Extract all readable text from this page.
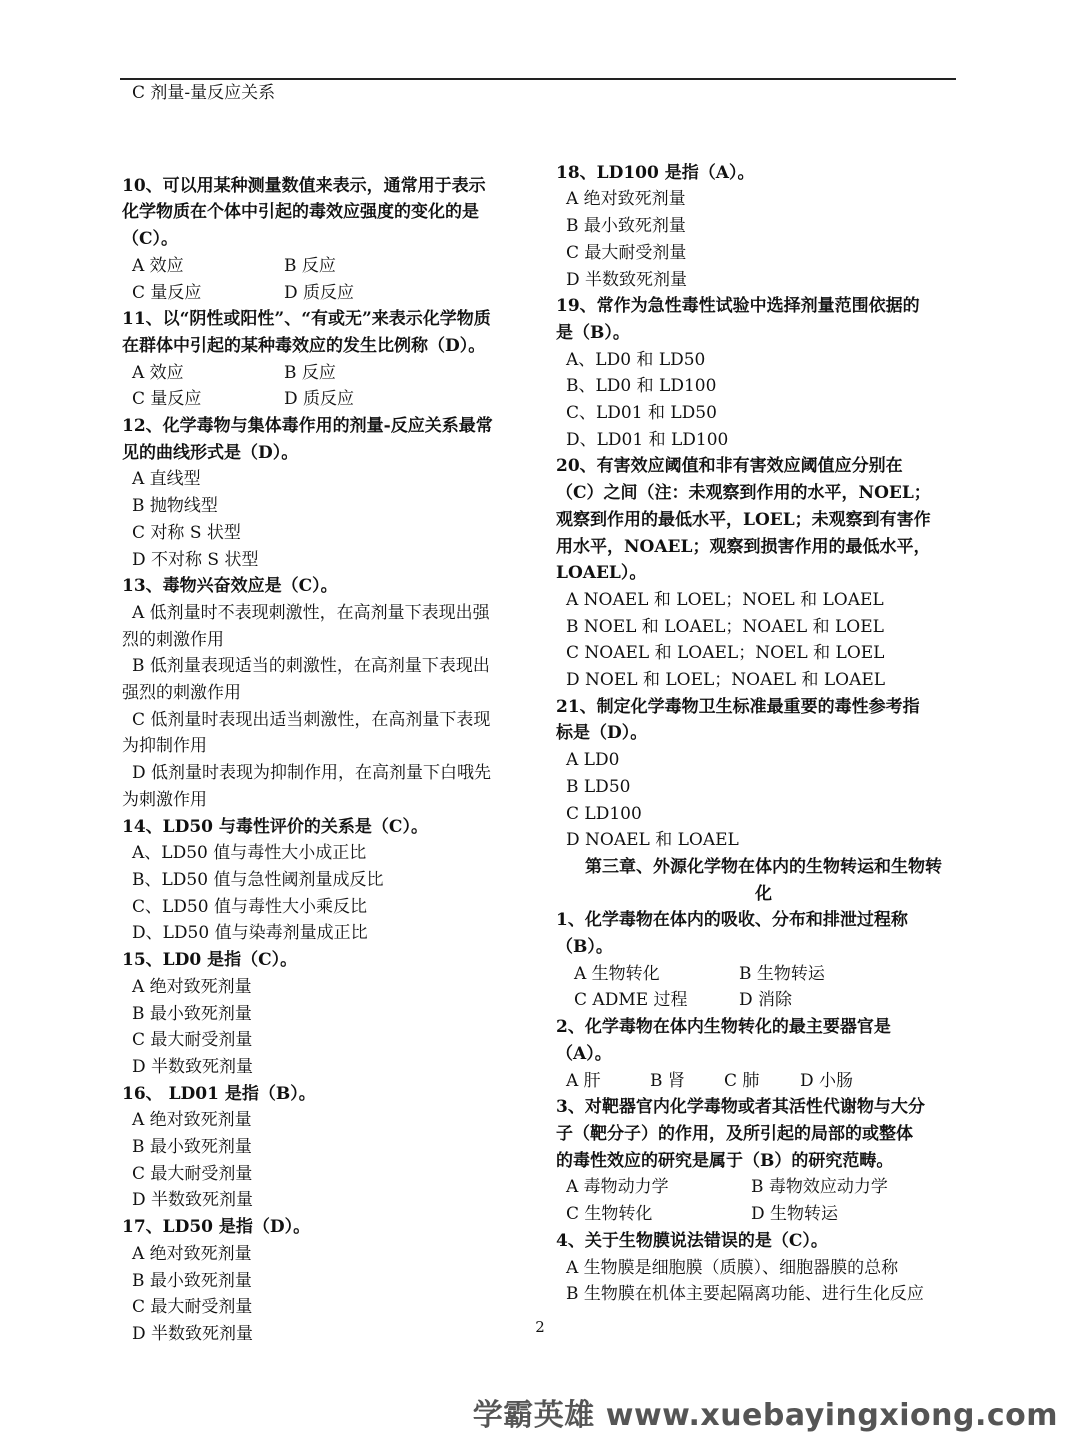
C 剂量-量反应关系
10、可以用某种测量数值来表示，通常用于表示
化学物质在个体中引起的毒效应强度的变化的是
（C）。
A 效应	B 反应
C 量反应	D 质反应
11、以“阴性或阳性”、“有或无”来表示化学物质
在群体中引起的某种毒效应的发生比例称（D）。
A 效应	B 反应
C 量反应	D 质反应
12、化学毒物与集体毒作用的剂量-反应关系最常
见的曲线形式是（D）。
A 直线型
B 抛物线型
C 对称 S 状型
D 不对称 S 状型
13、毒物兴奋效应是（C）。
A 低剂量时不表现刺激性，在高剂量下表现出强
烈的刺激作用
B 低剂量表现适当的刺激性，在高剂量下表现出
强烈的刺激作用
C 低剂量时表现出适当刺激性，在高剂量下表现
为抑制作用
D 低剂量时表现为抑制作用，在高剂量下白哦先
为刺激作用
14、LD50 与毒性评价的关系是（C）。
A、LD50 值与毒性大小成正比
B、LD50 值与急性阈剂量成反比
C、LD50 值与毒性大小乘反比
D、LD50 值与染毒剂量成正比
15、LD0 是指（C）。
A 绝对致死剂量
B 最小致死剂量
C 最大耐受剂量
D 半数致死剂量
16、 LD01 是指（B）。
A 绝对致死剂量
B 最小致死剂量
C 最大耐受剂量
D 半数致死剂量
17、LD50 是指（D）。
A 绝对致死剂量
B 最小致死剂量
C 最大耐受剂量
D 半数致死剂量
18、LD100 是指（A）。
A 绝对致死剂量
B 最小致死剂量
C 最大耐受剂量
D 半数致死剂量
19、常作为急性毒性试验中选择剂量范围依据的
是（B）。
A、LD0 和 LD50
B、LD0 和 LD100
C、LD01 和 LD50
D、LD01 和 LD100
20、有害效应阈值和非有害效应阈值应分别在
（C）之间（注：未观察到作用的水平，NOEL；
观察到作用的最低水平，LOEL；未观察到有害作
用水平，NOAEL；观察到损害作用的最低水平，
LOAEL）。
A NOAEL 和 LOEL；NOEL 和 LOAEL
B NOEL 和 LOAEL；NOAEL 和 LOEL
C NOAEL 和 LOAEL；NOEL 和 LOEL
D NOEL 和 LOEL；NOAEL 和 LOAEL
21、制定化学毒物卫生标准最重要的毒性参考指
标是（D）。
A LD0
B LD50
C LD100
D NOAEL 和 LOAEL
第三章、外源化学物在体内的生物转运和生物转
化
1、化学毒物在体内的吸收、分布和排泄过程称
（B）。
A 生物转化	B 生物转运
C ADME 过程	D 消除
2、化学毒物在体内生物转化的最主要器官是
（A）。
A 肝	B 肾 C 肺 D 小肠
3、对靶器官内化学毒物或者其活性代谢物与大分
子（靶分子）的作用，及所引起的局部的或整体
的毒性效应的研究是属于（B）的研究范畴。
A 毒物动力学	B 毒物效应动力学
C 生物转化	D 生物转运
4、关于生物膜说法错误的是（C）。
A 生物膜是细胞膜（质膜）、细胞器膜的总称
B 生物膜在机体主要起隔离功能、进行生化反应
2
学霸英雄 www.xuebayingxiong.com
